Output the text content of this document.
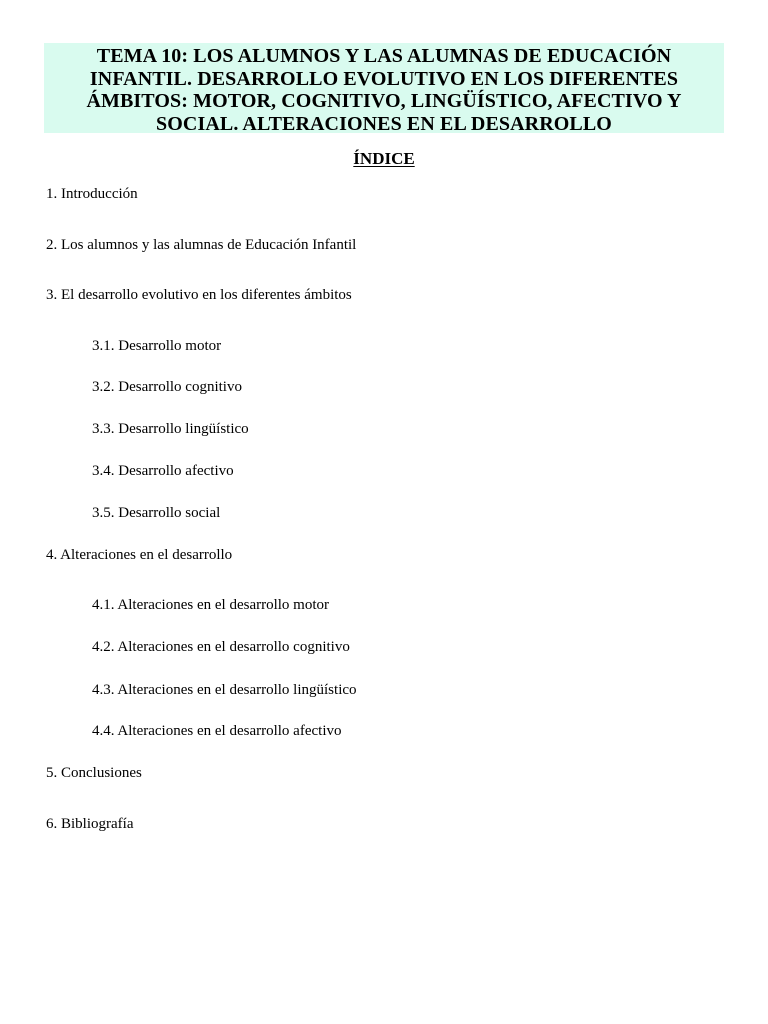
TEMA 10: LOS ALUMNOS Y LAS ALUMNAS DE EDUCACIÓN
INFANTIL. DESARROLLO EVOLUTIVO EN LOS DIFERENTES
ÁMBITOS: MOTOR, COGNITIVO, LINGÜÍSTICO, AFECTIVO Y
SOCIAL. ALTERACIONES EN EL DESARROLLO
ÍNDICE
1. Introducción
2. Los alumnos y las alumnas de Educación Infantil
3. El desarrollo evolutivo en los diferentes ámbitos
3.1. Desarrollo motor
3.2. Desarrollo cognitivo
3.3. Desarrollo lingüístico
3.4. Desarrollo afectivo
3.5. Desarrollo social
4. Alteraciones en el desarrollo
4.1. Alteraciones en el desarrollo motor
4.2. Alteraciones en el desarrollo cognitivo
4.3. Alteraciones en el desarrollo lingüístico
4.4. Alteraciones en el desarrollo afectivo
5. Conclusiones
6. Bibliografía
